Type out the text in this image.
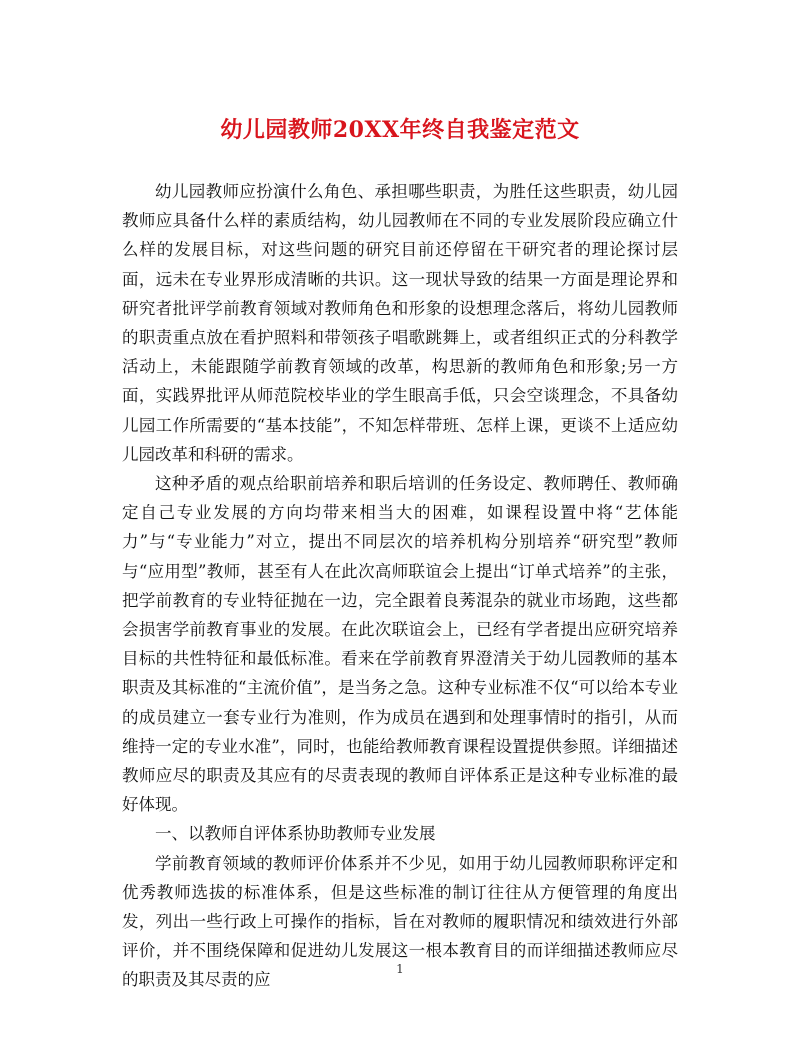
幼儿园教师20XX年终自我鉴定范文

幼儿园教师应扮演什么角色、承担哪些职责，为胜任这些职责，幼儿园教师应具备什么样的素质结构，幼儿园教师在不同的专业发展阶段应确立什么样的发展目标，对这些问题的研究目前还停留在干研究者的理论探讨层面，远未在专业界形成清晰的共识。这一现状导致的结果一方面是理论界和研究者批评学前教育领域对教师角色和形象的设想理念落后，将幼儿园教师的职责重点放在看护照料和带领孩子唱歌跳舞上，或者组织正式的分科教学活动上，未能跟随学前教育领域的改革，构思新的教师角色和形象;另一方面，实践界批评从师范院校毕业的学生眼高手低，只会空谈理念，不具备幼儿园工作所需要的“基本技能”，不知怎样带班、怎样上课，更谈不上适应幼儿园改革和科研的需求。

这种矛盾的观点给职前培养和职后培训的任务设定、教师聘任、教师确定自己专业发展的方向均带来相当大的困难，如课程设置中将“艺体能力”与“专业能力”对立，提出不同层次的培养机构分别培养“研究型”教师与“应用型”教师，甚至有人在此次高师联谊会上提出“订单式培养”的主张，把学前教育的专业特征抛在一边，完全跟着良莠混杂的就业市场跑，这些都会损害学前教育事业的发展。在此次联谊会上，已经有学者提出应研究培养目标的共性特征和最低标准。看来在学前教育界澄清关于幼儿园教师的基本职责及其标准的“主流价值”，是当务之急。这种专业标准不仅“可以给本专业的成员建立一套专业行为准则，作为成员在遇到和处理事情时的指引，从而维持一定的专业水准”，同时，也能给教师教育课程设置提供参照。详细描述教师应尽的职责及其应有的尽责表现的教师自评体系正是这种专业标准的最好体现。

一、以教师自评体系协助教师专业发展

学前教育领域的教师评价体系并不少见，如用于幼儿园教师职称评定和优秀教师选拔的标准体系，但是这些标准的制订往往从方便管理的角度出发，列出一些行政上可操作的指标，旨在对教师的履职情况和绩效进行外部评价，并不围绕保障和促进幼儿发展这一根本教育目的而详细描述教师应尽的职责及其尽责的应

1
